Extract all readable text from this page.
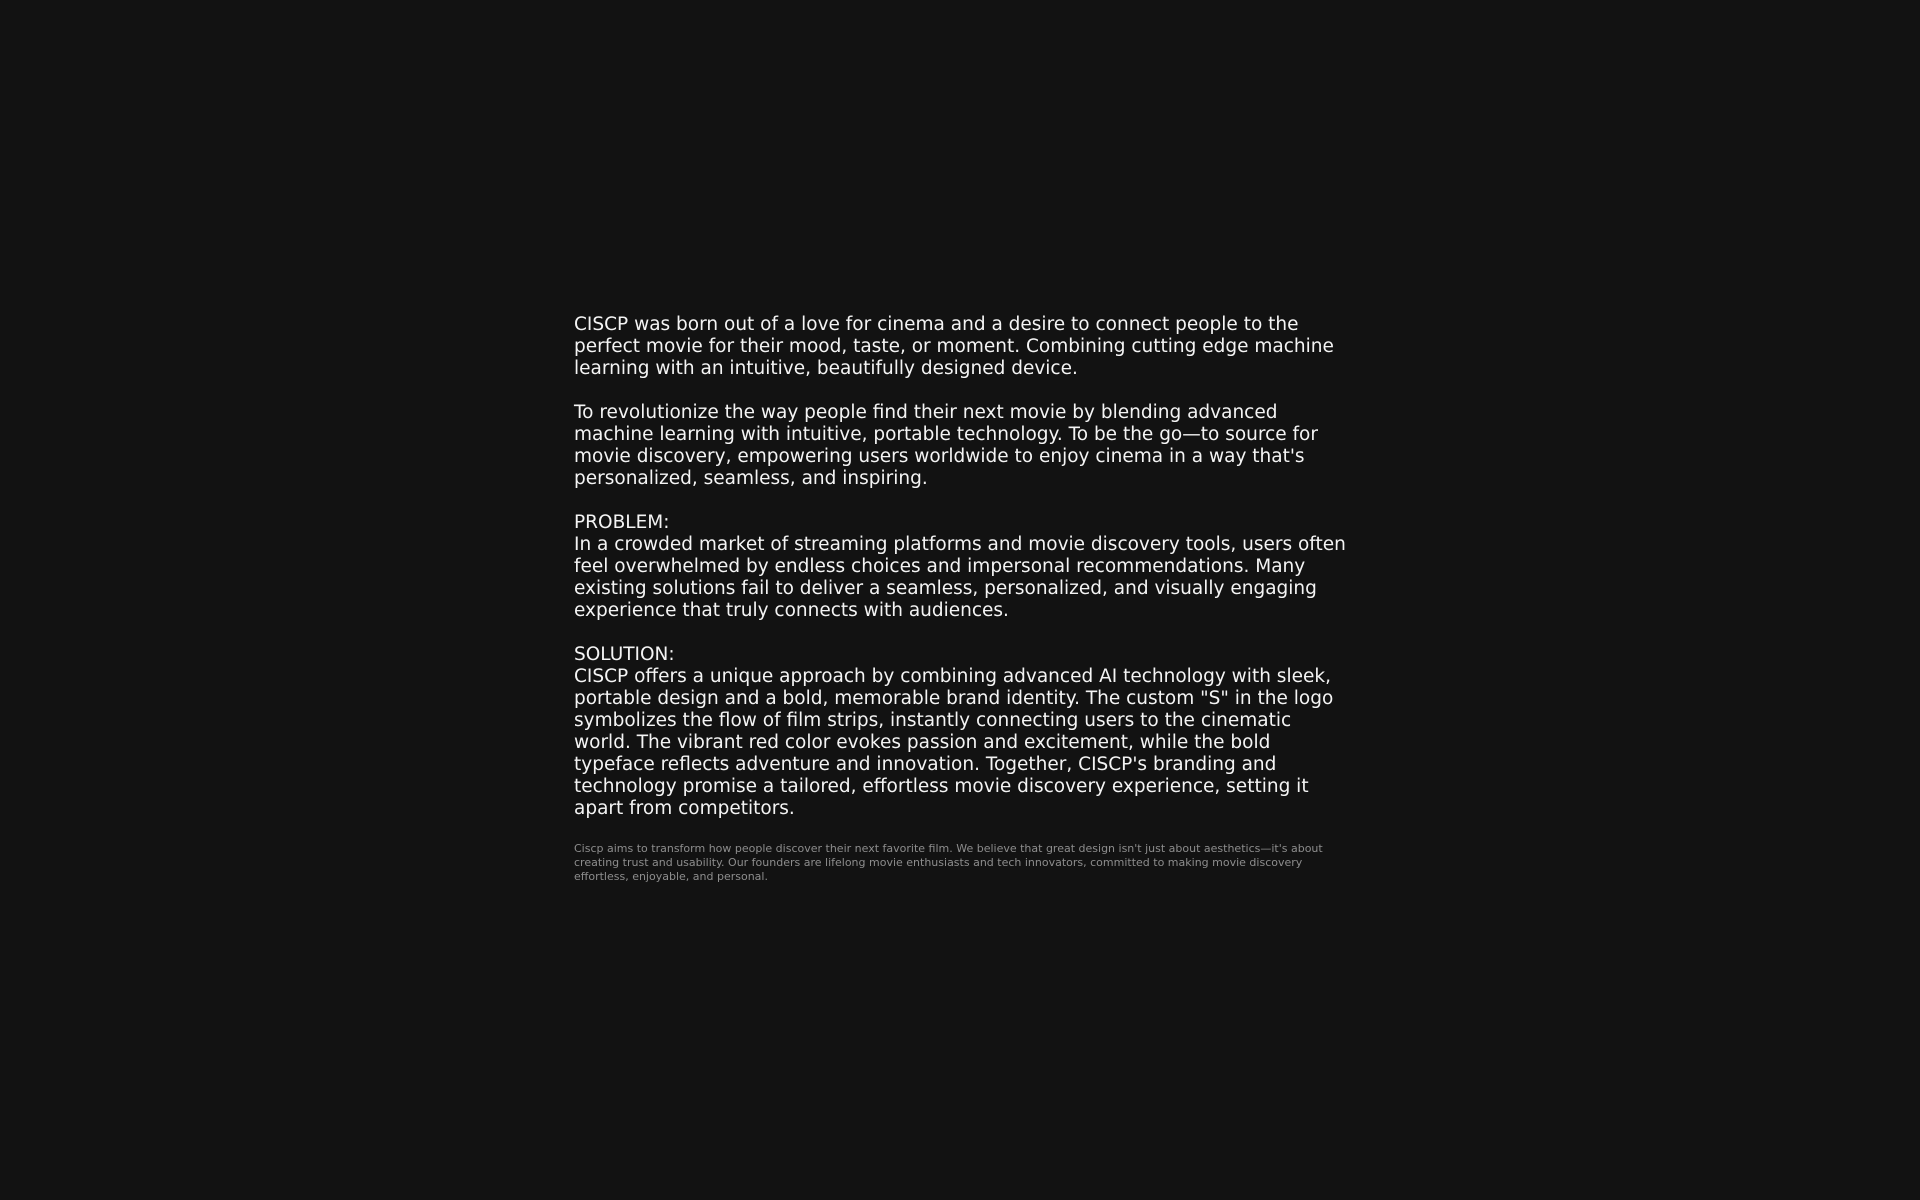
CISCP was born out of a love for cinema and a desire to connect people to the perfect movie for their mood, taste, or moment. Combining cutting edge machine learning with an intuitive, beautifully designed device.

To revolutionize the way people find their next movie by blending advanced machine learning with intuitive, portable technology. To be the go—to source for movie discovery, empowering users worldwide to enjoy cinema in a way that's personalized, seamless, and inspiring.

PROBLEM:
In a crowded market of streaming platforms and movie discovery tools, users often feel overwhelmed by endless choices and impersonal recommendations. Many existing solutions fail to deliver a seamless, personalized, and visually engaging experience that truly connects with audiences.
SOLUTION:
CISCP offers a unique approach by combining advanced AI technology with sleek, portable design and a bold, memorable brand identity. The custom "S" in the logo symbolizes the flow of film strips, instantly connecting users to the cinematic world. The vibrant red color evokes passion and excitement, while the bold typeface reflects adventure and innovation. Together, CISCP's branding and technology promise a tailored, effortless movie discovery experience, setting it apart from competitors.

Ciscp aims to transform how people discover their next favorite film. We believe that great design isn't just about aesthetics—it's about creating trust and usability. Our founders are lifelong movie enthusiasts and tech innovators, committed to making movie discovery effortless, enjoyable, and personal.
